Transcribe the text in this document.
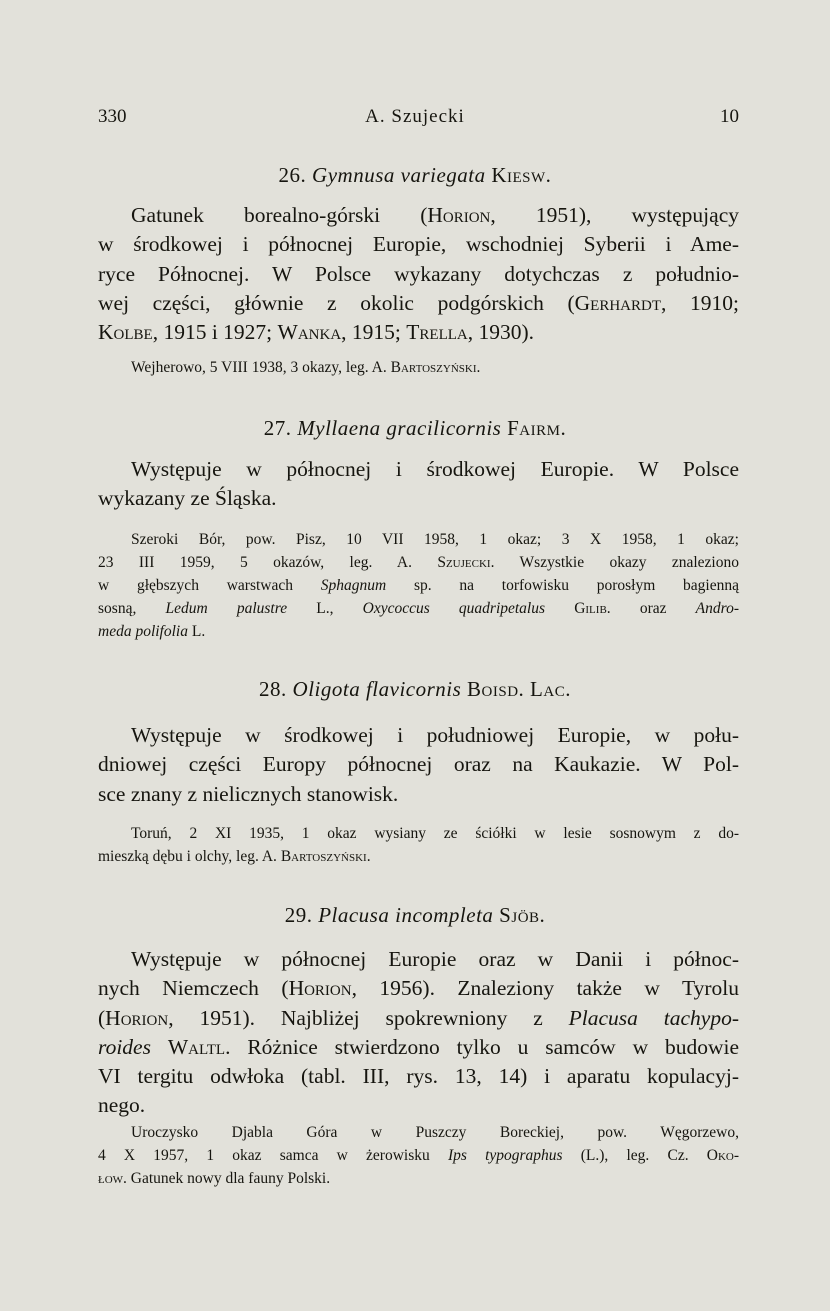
A. Szujecki
330	10
26. Gymnusa variegata Kiesw.
Gatunek borealno-górski (Horion, 1951), występujący
w środkowej i północnej Europie, wschodniej Syberii i Ame-
ryce Północnej. W Polsce wykazany dotychczas z południo-
wej części, głównie z okolic podgórskich (Gerhardt, 1910;
Kolbe, 1915 i 1927; Wanka, 1915; Trella, 1930).
Wejherowo, 5 VIII 1938, 3 okazy, leg. A. Bartoszyński.
27. Myllaena gracilicornis Fairm.
Występuje w północnej i środkowej Europie. W Polsce
wykazany ze Śląska.
Szeroki Bór, pow. Pisz, 10 VII 1958, 1 okaz; 3 X 1958, 1 okaz;
23 III 1959, 5 okazów, leg. A. Szujecki. Wszystkie okazy znaleziono
w głębszych warstwach Sphagnum sp. na torfowisku porosłym bagienną
sosną, Ledum palustre L., Oxycoccus quadripetalus Gilib. oraz Andro-
meda polifolia L.
28. Oligota flavicornis Boisd. Lac.
Występuje w środkowej i południowej Europie, w połu-
dniowej części Europy północnej oraz na Kaukazie. W Pol-
sce znany z nielicznych stanowisk.
Toruń, 2 XI 1935, 1 okaz wysiany ze ściółki w lesie sosnowym z do-
mieszką dębu i olchy, leg. A. Bartoszyński.
29. Placusa incompleta Sjöb.
Występuje w północnej Europie oraz w Danii i północ-
nych Niemczech (Horion, 1956). Znaleziony także w Tyrolu
(Horion, 1951). Najbliżej spokrewniony z Placusa tachypo-
roides Waltl. Różnice stwierdzono tylko u samców w budowie
VI tergitu odwłoka (tabl. III, rys. 13, 14) i aparatu kopulacyj-
nego.
Uroczysko Djabla Góra w Puszczy Boreckiej, pow. Węgorzewo,
4 X 1957, 1 okaz samca w żerowisku Ips typographus (L.), leg. Cz. Oko-
łow. Gatunek nowy dla fauny Polski.
